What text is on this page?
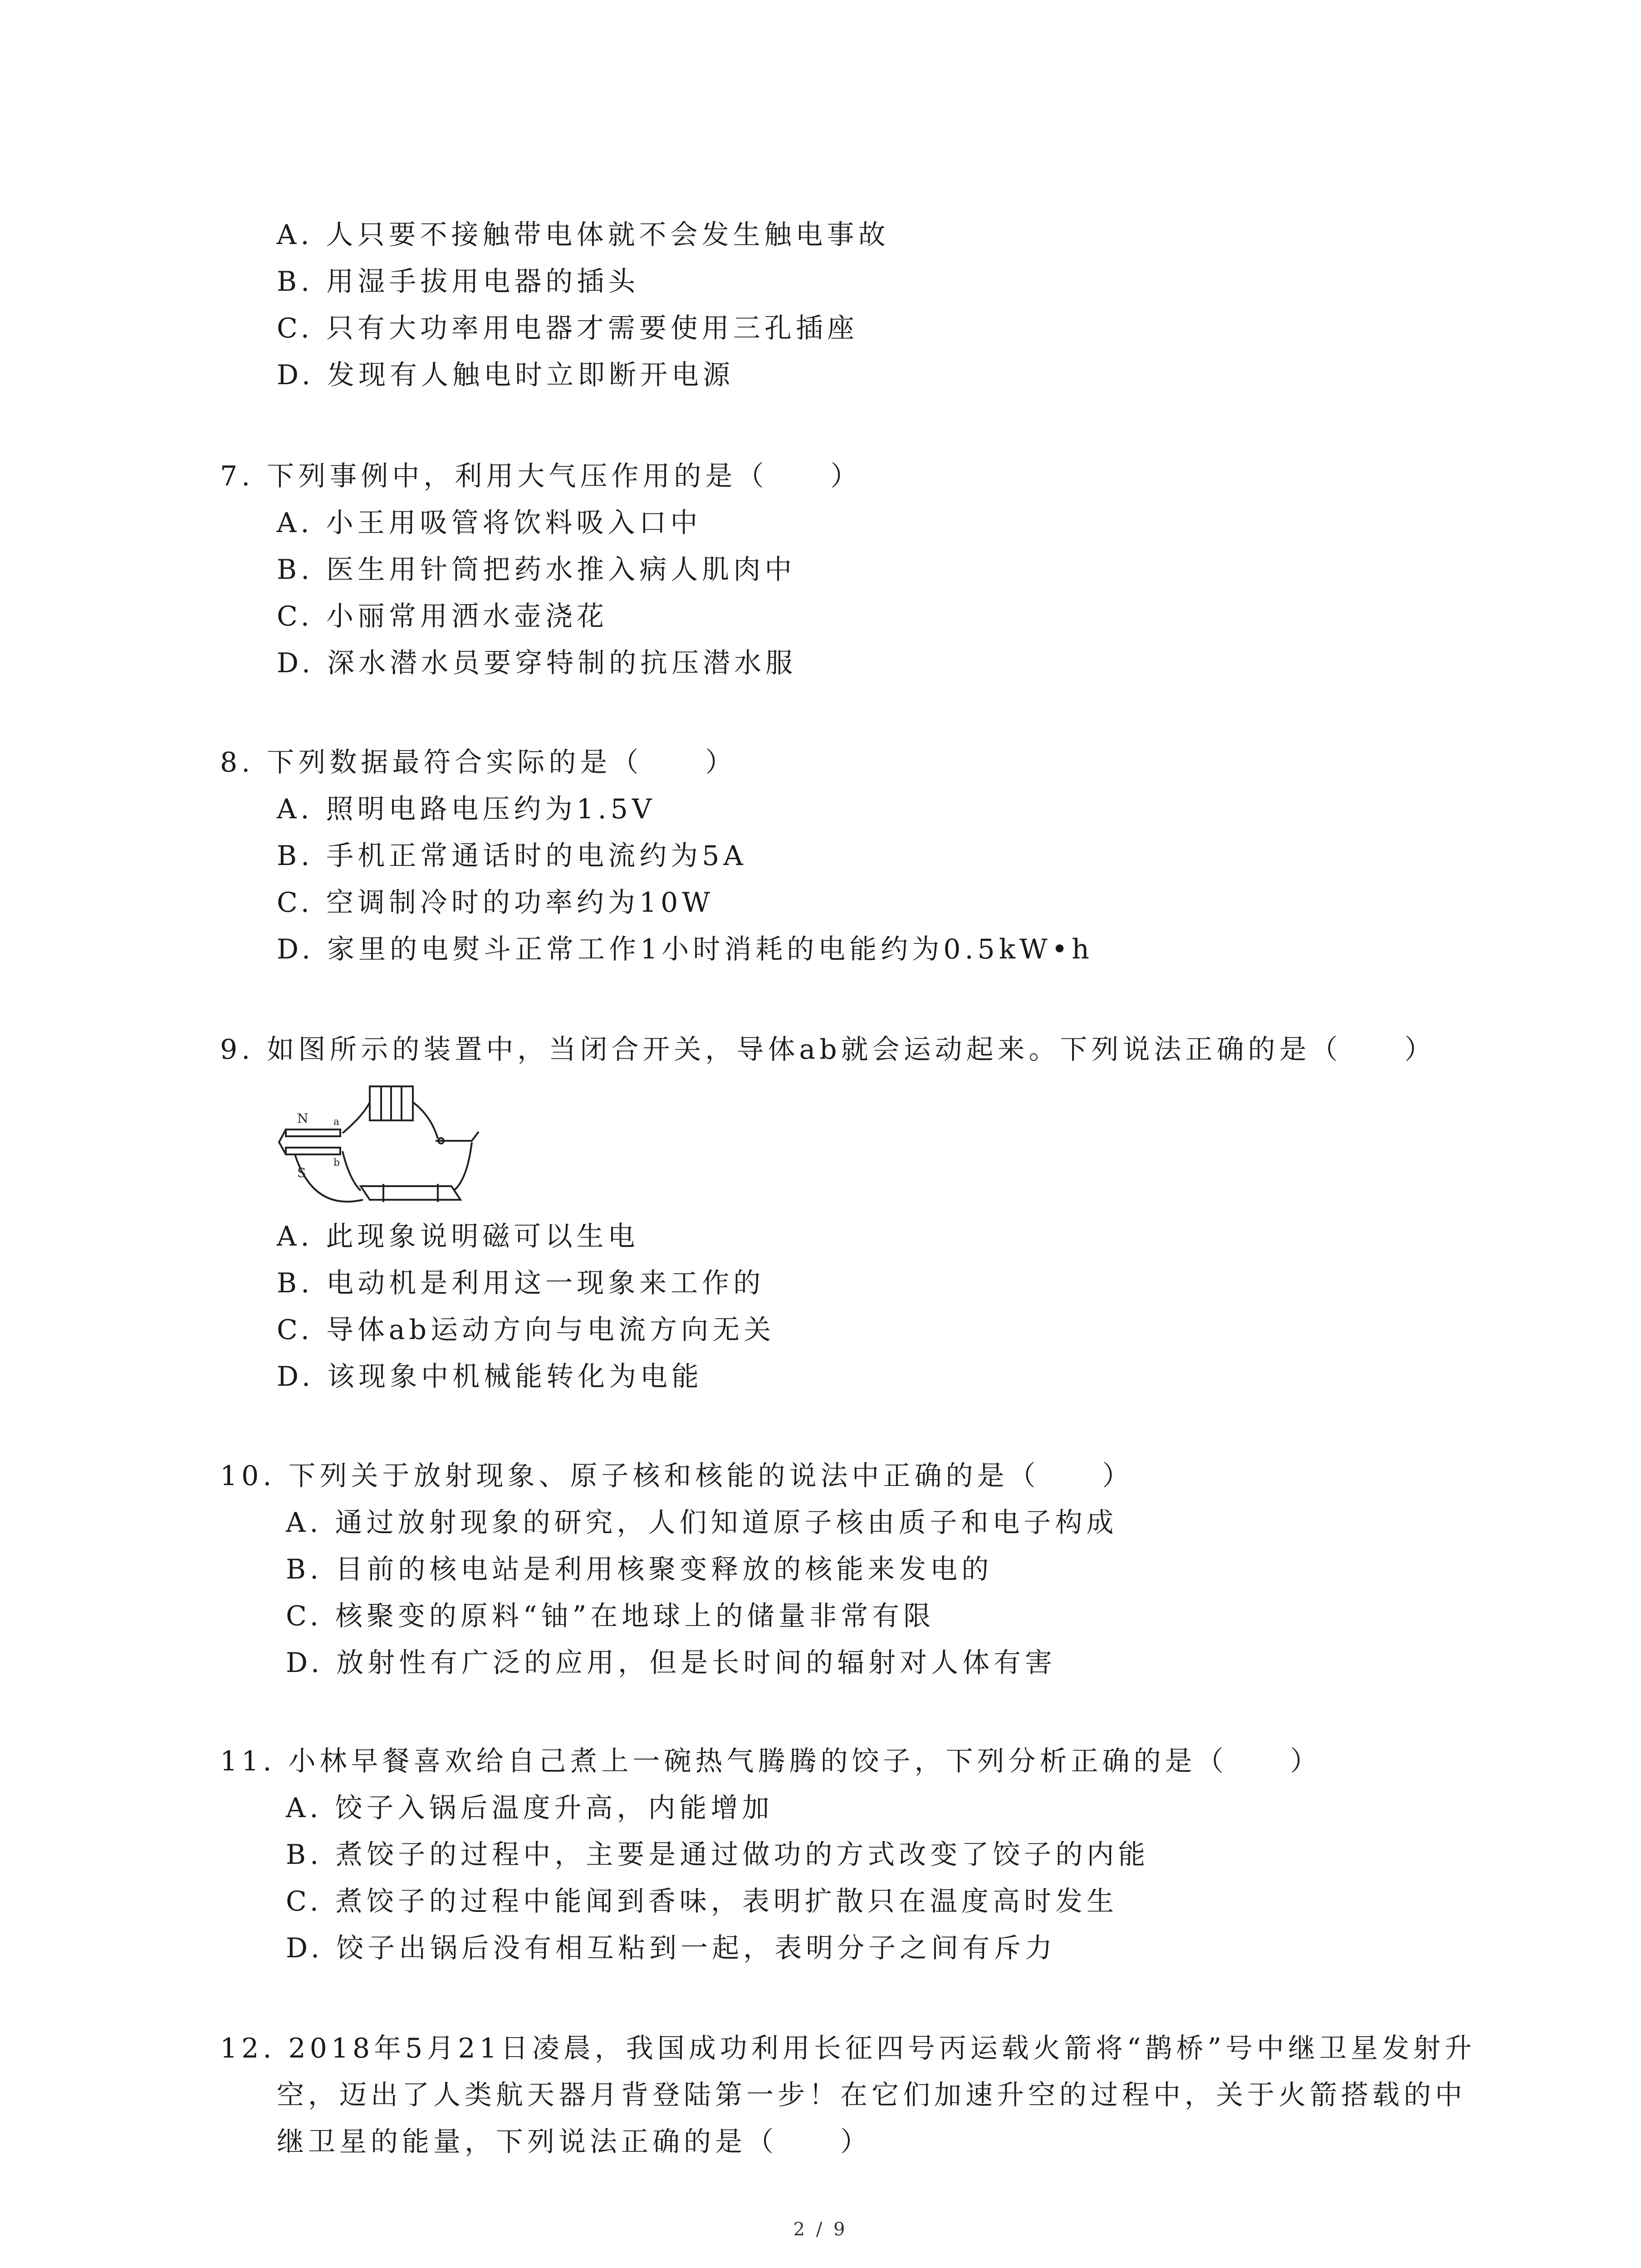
A. 人只要不接触带电体就不会发生触电事故
B. 用湿手拔用电器的插头
C. 只有大功率用电器才需要使用三孔插座
D. 发现有人触电时立即断开电源
7. 下列事例中，利用大气压作用的是（　　）
A. 小王用吸管将饮料吸入口中
B. 医生用针筒把药水推入病人肌肉中
C. 小丽常用洒水壶浇花
D. 深水潜水员要穿特制的抗压潜水服
8. 下列数据最符合实际的是（　　）
A. 照明电路电压约为1.5V
B. 手机正常通话时的电流约为5A
C. 空调制冷时的功率约为10W
D. 家里的电熨斗正常工作1小时消耗的电能约为0.5kW•h
9. 如图所示的装置中，当闭合开关，导体ab就会运动起来。下列说法正确的是（　　）
N
S
a
b
A. 此现象说明磁可以生电
B. 电动机是利用这一现象来工作的
C. 导体ab运动方向与电流方向无关
D. 该现象中机械能转化为电能
10. 下列关于放射现象、原子核和核能的说法中正确的是（　　）
A. 通过放射现象的研究，人们知道原子核由质子和电子构成
B. 目前的核电站是利用核聚变释放的核能来发电的
C. 核聚变的原料“铀”在地球上的储量非常有限
D. 放射性有广泛的应用，但是长时间的辐射对人体有害
11. 小林早餐喜欢给自己煮上一碗热气腾腾的饺子，下列分析正确的是（　　）
A. 饺子入锅后温度升高，内能增加
B. 煮饺子的过程中，主要是通过做功的方式改变了饺子的内能
C. 煮饺子的过程中能闻到香味，表明扩散只在温度高时发生
D. 饺子出锅后没有相互粘到一起，表明分子之间有斥力
12. 2018年5月21日凌晨，我国成功利用长征四号丙运载火箭将“鹊桥”号中继卫星发射升
空，迈出了人类航天器月背登陆第一步！在它们加速升空的过程中，关于火箭搭载的中
继卫星的能量，下列说法正确的是（　　）
2 / 9
